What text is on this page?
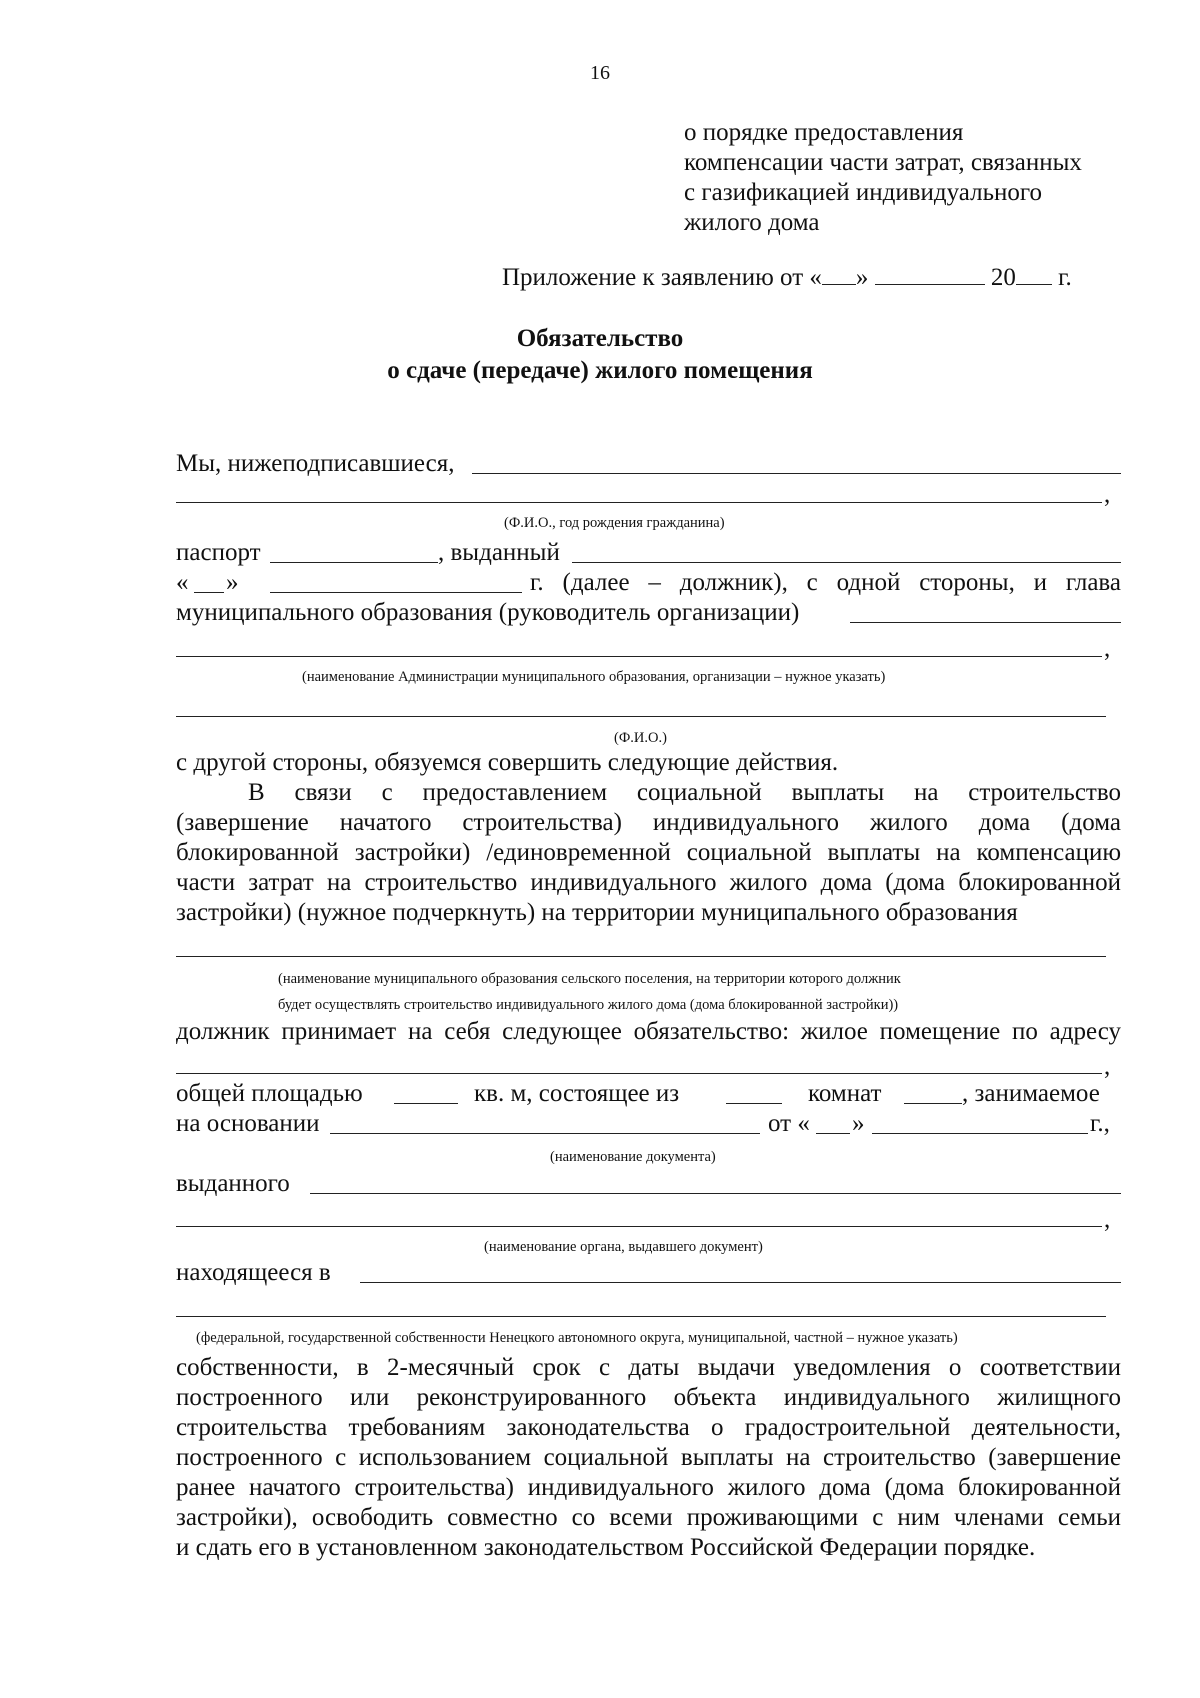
16
о порядке предоставления
компенсации части затрат, связанных
с газификацией индивидуального
жилого дома
Приложение к заявлению от « »	20 г.
Обязательство
о сдаче (передаче) жилого помещения
Мы, нижеподписавшиеся,
,
(Ф.И.О., год рождения гражданина)
паспорт	, выданный
« »	г. (далее – должник), с одной стороны, и глава
муниципального образования (руководитель организации)
,
(наименование Администрации муниципального образования, организации – нужное указать)
(Ф.И.О.)
с другой стороны, обязуемся совершить следующие действия.
В связи с предоставлением социальной выплаты на строительство
(завершение начатого строительства) индивидуального жилого дома (дома
блокированной застройки) /единовременной социальной выплаты на компенсацию
части затрат на строительство индивидуального жилого дома (дома блокированной
застройки) (нужное подчеркнуть) на территории муниципального образования
(наименование муниципального образования сельского поселения, на территории которого должник
будет осуществлять строительство индивидуального жилого дома (дома блокированной застройки))
должник принимает на себя следующее обязательство: жилое помещение по адресу
,
общей площадью	кв. м, состоящее из	комнат	, занимаемое
на основании	от « »	г.,
(наименование документа)
выданного
,
(наименование органа, выдавшего документ)
находящееся в
(федеральной, государственной собственности Ненецкого автономного округа, муниципальной, частной – нужное указать)
собственности, в 2-месячный срок с даты выдачи уведомления о соответствии
построенного или реконструированного объекта индивидуального жилищного
строительства требованиям законодательства о градостроительной деятельности,
построенного с использованием социальной выплаты на строительство (завершение
ранее начатого строительства) индивидуального жилого дома (дома блокированной
застройки), освободить совместно со всеми проживающими с ним членами семьи
и сдать его в установленном законодательством Российской Федерации порядке.
